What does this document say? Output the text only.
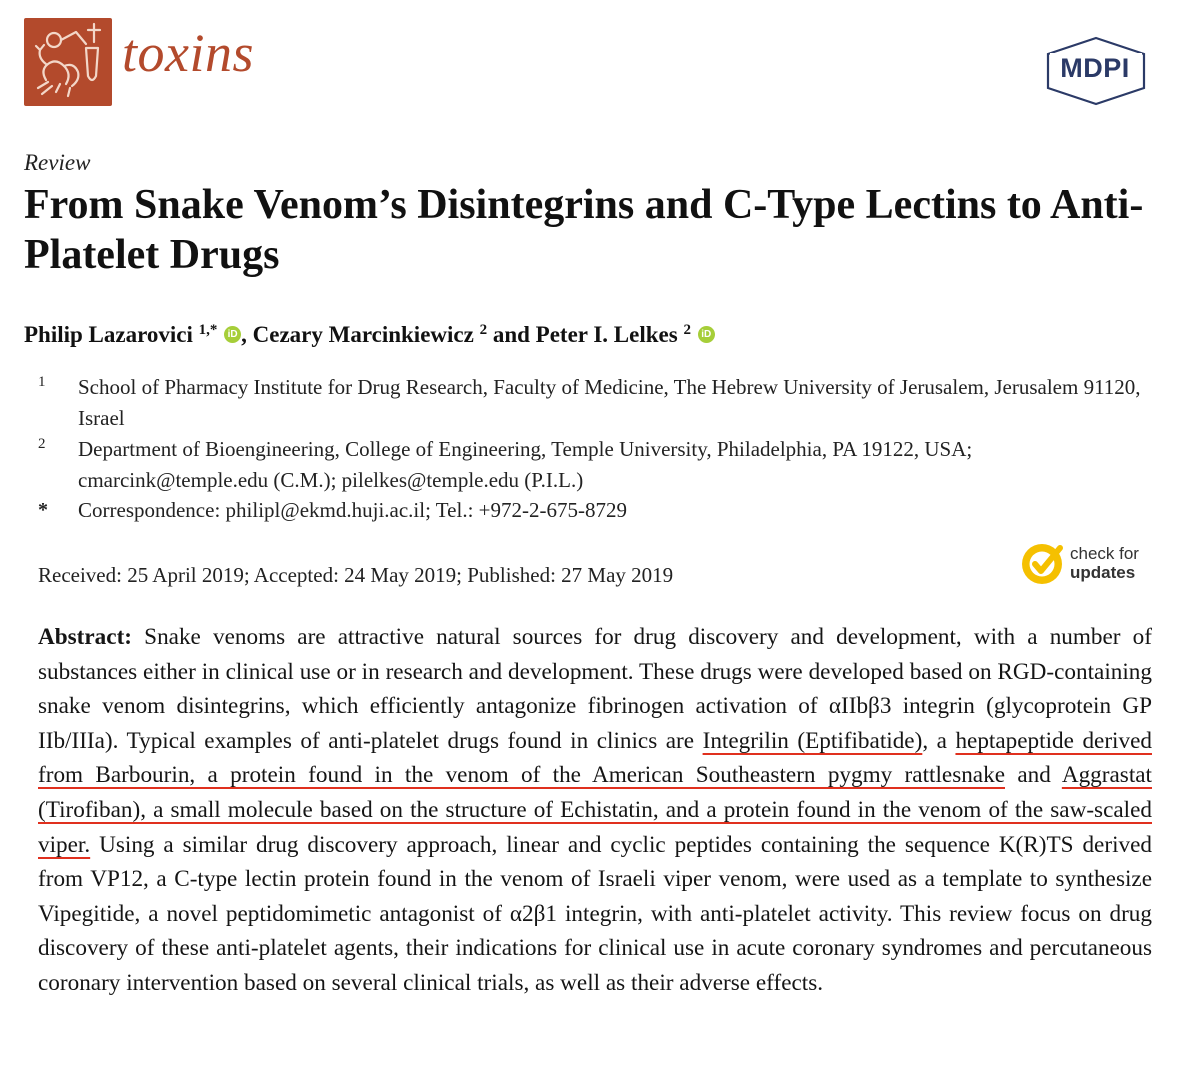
toxins	MDPI
Review
From Snake Venom’s Disintegrins and C-Type Lectins to Anti-Platelet Drugs
Philip Lazarovici $^{1,*}$ iD , Cezary Marcinkiewicz $^2$ and Peter I. Lelkes $^2$ iD
1 School of Pharmacy Institute for Drug Research, Faculty of Medicine, The Hebrew University of Jerusalem, Jerusalem 91120, Israel
2 Department of Bioengineering, College of Engineering, Temple University, Philadelphia, PA 19122, USA; cmarcink@temple.edu (C.M.); pilelkes@temple.edu (P.I.L.)
* Correspondence: philipl@ekmd.huji.ac.il; Tel.: +972-2-675-8729
Received: 25 April 2019; Accepted: 24 May 2019; Published: 27 May 2019
check for
updates

Abstract: Snake venoms are attractive natural sources for drug discovery and development, with a number of substances either in clinical use or in research and development. These drugs were developed based on RGD-containing snake venom disintegrins, which efficiently antagonize fibrinogen activation of αIIbβ3 integrin (glycoprotein GP IIb/IIIa). Typical examples of anti-platelet drugs found in clinics are Integrilin (Eptifibatide), a heptapeptide derived from Barbourin, a protein found in the venom of the American Southeastern pygmy rattlesnake and Aggrastat (Tirofiban), a small molecule based on the structure of Echistatin, and a protein found in the venom of the saw-scaled viper. Using a similar drug discovery approach, linear and cyclic peptides containing the sequence K(R)TS derived from VP12, a C-type lectin protein found in the venom of Israeli viper venom, were used as a template to synthesize Vipegitide, a novel peptidomimetic antagonist of α2β1 integrin, with anti-platelet activity. This review focus on drug discovery of these anti-platelet agents, their indications for clinical use in acute coronary syndromes and percutaneous coronary intervention based on several clinical trials, as well as their adverse effects.
